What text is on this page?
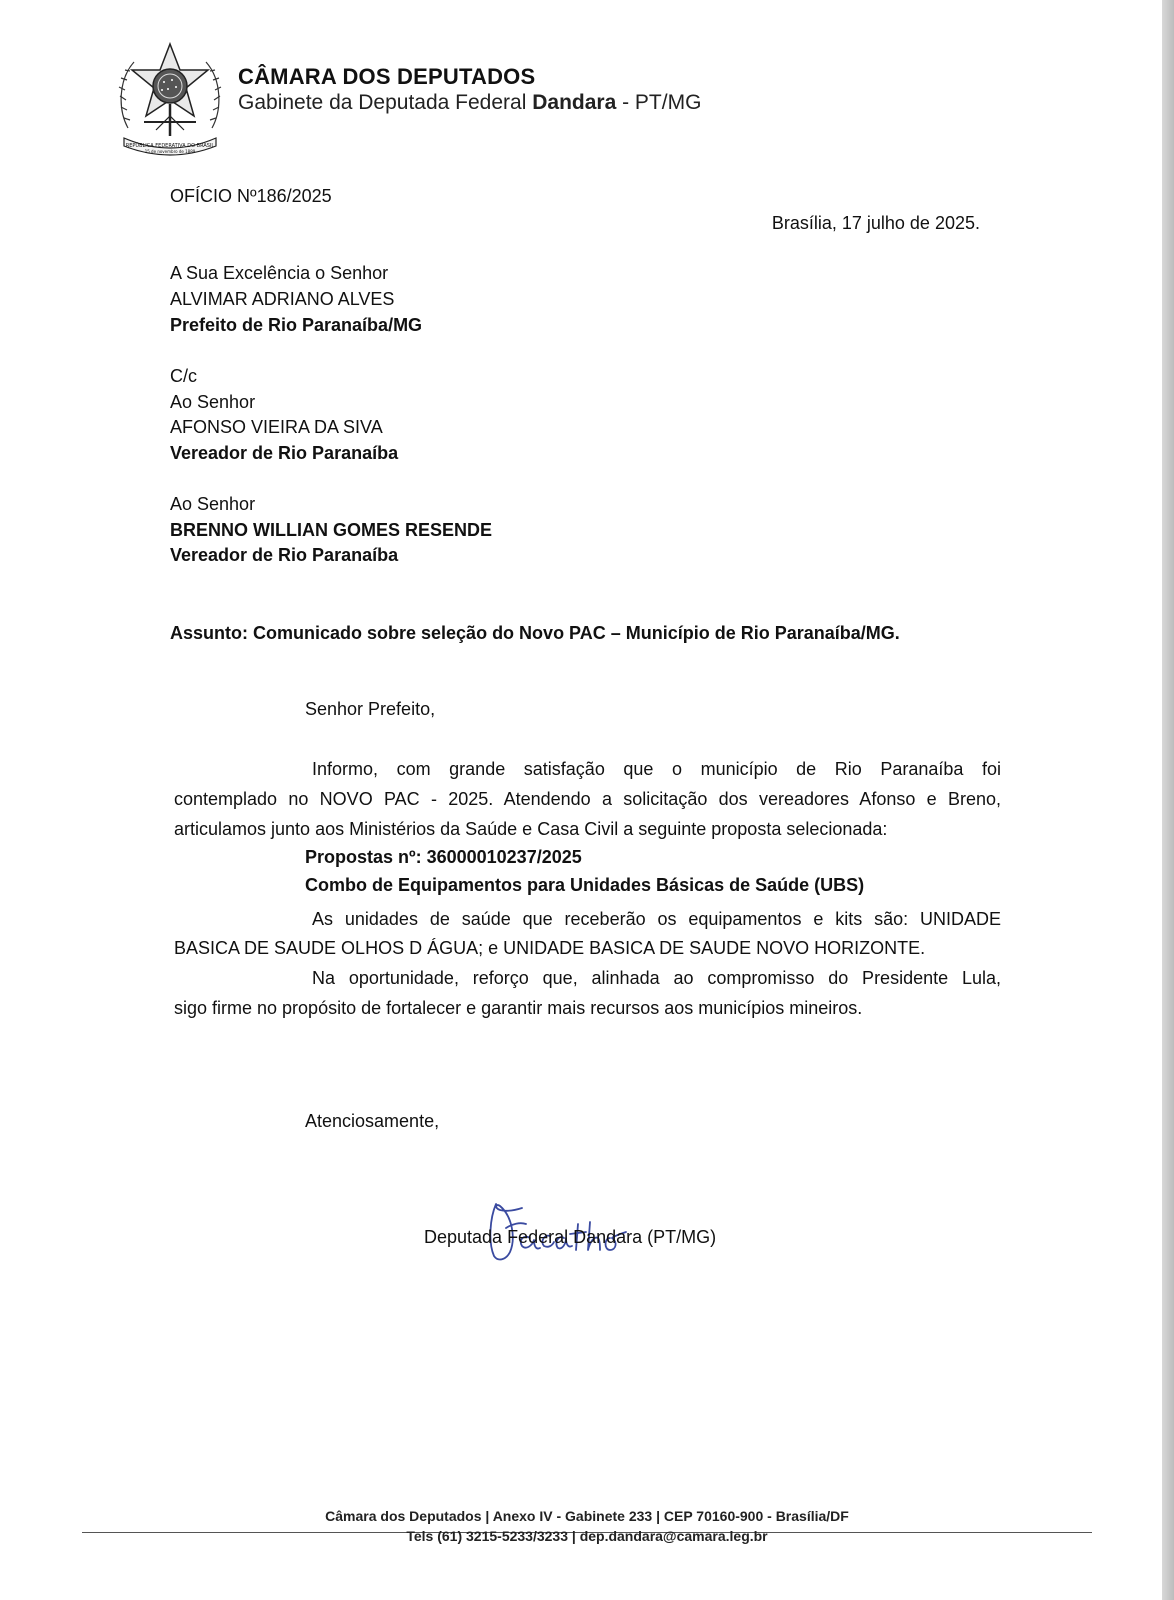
REPÚBLICA FEDERATIVA DO BRASIL
15 de novembro de 1889
CÂMARA DOS DEPUTADOS
Gabinete da Deputada Federal Dandara - PT/MG
OFÍCIO Nº186/2025
Brasília, 17 julho de 2025.
A Sua Excelência o Senhor
ALVIMAR ADRIANO ALVES
Prefeito de Rio Paranaíba/MG
C/c
Ao Senhor
AFONSO VIEIRA DA SIVA
Vereador de Rio Paranaíba
Ao Senhor
BRENNO WILLIAN GOMES RESENDE
Vereador de Rio Paranaíba
Assunto: Comunicado sobre seleção do Novo PAC – Município de Rio Paranaíba/MG.
Senhor Prefeito,
Informo, com grande satisfação que o município de Rio Paranaíba foi
contemplado no NOVO PAC - 2025. Atendendo a solicitação dos vereadores Afonso e Breno,
articulamos junto aos Ministérios da Saúde e Casa Civil a seguinte proposta selecionada:
Propostas nº: 36000010237/2025
Combo de Equipamentos para Unidades Básicas de Saúde (UBS)
As unidades de saúde que receberão os equipamentos e kits são: UNIDADE
BASICA DE SAUDE OLHOS D ÁGUA; e UNIDADE BASICA DE SAUDE NOVO HORIZONTE.
Na oportunidade, reforço que, alinhada ao compromisso do Presidente Lula,
sigo firme no propósito de fortalecer e garantir mais recursos aos municípios mineiros.
Atenciosamente,
Deputada Federal Dandara (PT/MG)
Câmara dos Deputados | Anexo IV - Gabinete 233 | CEP 70160-900 - Brasília/DF
Tels (61) 3215-5233/3233 | dep.dandara@camara.leg.br
